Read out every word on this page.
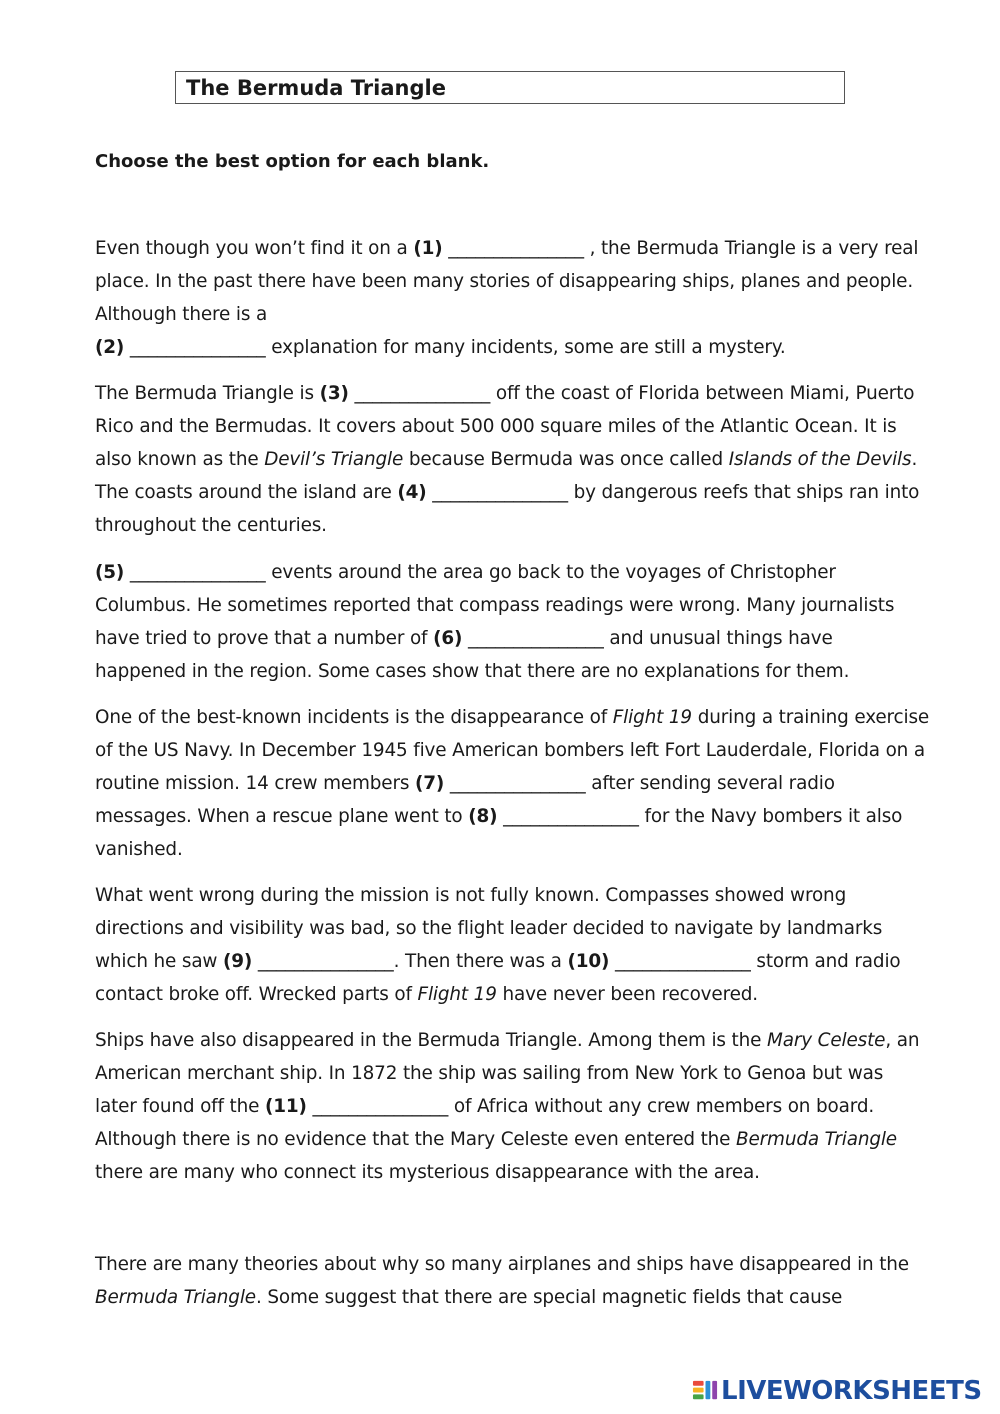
The Bermuda Triangle

Choose the best option for each blank.

Even though you won’t find it on a (1) _______________ , the Bermuda Triangle is a very real
place. In the past there have been many stories of disappearing ships, planes and people.
Although there is a
(2) _______________ explanation for many incidents, some are still a mystery.
The Bermuda Triangle is (3) _______________ off the coast of Florida between Miami, Puerto
Rico and the Bermudas. It covers about 500 000 square miles of the Atlantic Ocean. It is
also known as the Devil’s Triangle because Bermuda was once called Islands of the Devils.
The coasts around the island are (4) _______________ by dangerous reefs that ships ran into
throughout the centuries.
(5) _______________ events around the area go back to the voyages of Christopher
Columbus. He sometimes reported that compass readings were wrong. Many journalists
have tried to prove that a number of (6) _______________ and unusual things have
happened in the region. Some cases show that there are no explanations for them.
One of the best-known incidents is the disappearance of Flight 19 during a training exercise
of the US Navy. In December 1945 five American bombers left Fort Lauderdale, Florida on a
routine mission. 14 crew members (7) _______________ after sending several radio
messages. When a rescue plane went to (8) _______________ for the Navy bombers it also
vanished.
What went wrong during the mission is not fully known. Compasses showed wrong
directions and visibility was bad, so the flight leader decided to navigate by landmarks
which he saw (9) _______________. Then there was a (10) _______________ storm and radio
contact broke off. Wrecked parts of Flight 19 have never been recovered.
Ships have also disappeared in the Bermuda Triangle. Among them is the Mary Celeste, an
American merchant ship. In 1872 the ship was sailing from New York to Genoa but was
later found off the (11) _______________ of Africa without any crew members on board.
Although there is no evidence that the Mary Celeste even entered the Bermuda Triangle
there are many who connect its mysterious disappearance with the area.
There are many theories about why so many airplanes and ships have disappeared in the
Bermuda Triangle. Some suggest that there are special magnetic fields that cause
LIVEWORKSHEETS
